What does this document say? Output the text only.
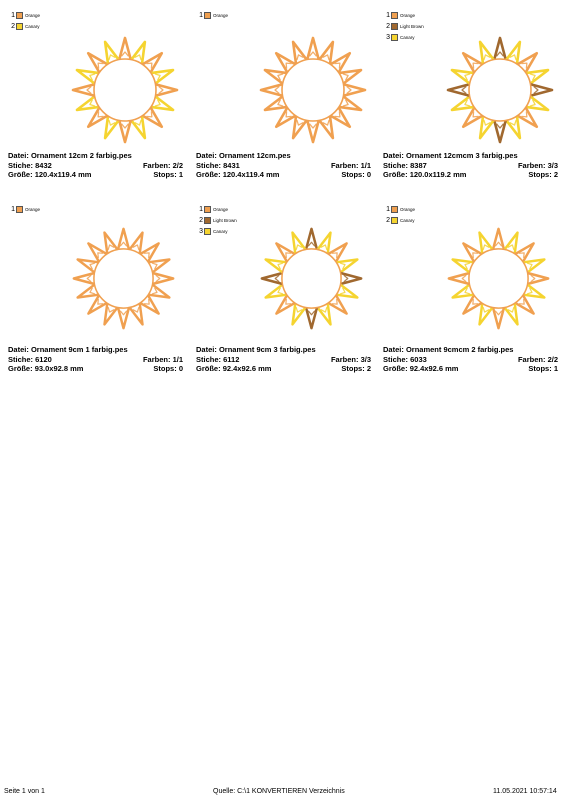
1 Orange
2 Canary
Datei: Ornament 12cm 2 farbig.pes
Stiche: 8432	Farben: 2/2
Größe: 120.4x119.4 mm	Stops: 1
1 Orange
Datei: Ornament 12cm.pes
Stiche: 8431	Farben: 1/1
Größe: 120.4x119.4 mm	Stops: 0
1 Orange
2 Light Brown
3 Canary
Datei: Ornament 12cmcm 3 farbig.pes
Stiche: 8387	Farben: 3/3
Größe: 120.0x119.2 mm	Stops: 2
1 Orange
Datei: Ornament 9cm 1 farbig.pes
Stiche: 6120	Farben: 1/1
Größe: 93.0x92.8 mm	Stops: 0
1 Orange
2 Light Brown
3 Canary
Datei: Ornament 9cm 3 farbig.pes
Stiche: 6112	Farben: 3/3
Größe: 92.4x92.6 mm	Stops: 2
1 Orange
2 Canary
Datei: Ornament 9cmcm 2 farbig.pes
Stiche: 6033	Farben: 2/2
Größe: 92.4x92.6 mm	Stops: 1
Seite 1 von 1	Quelle: C:\1 KONVERTIEREN Verzeichnis	11.05.2021 10:57:14
